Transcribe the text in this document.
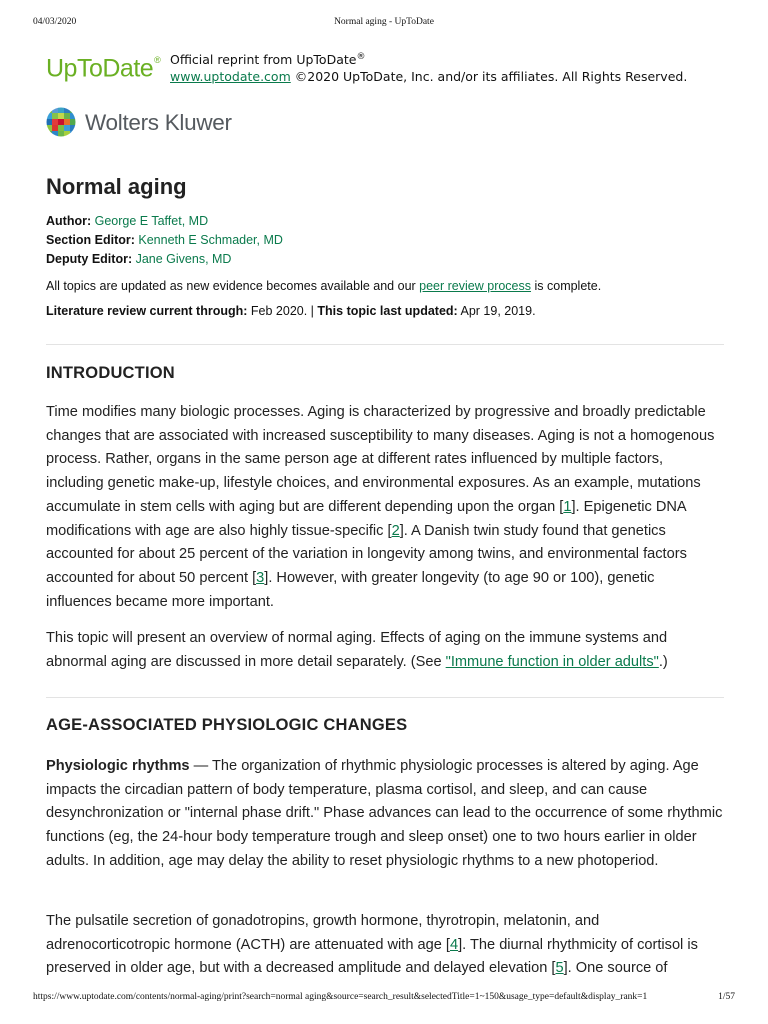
04/03/2020	Normal aging - UpToDate
UpToDate® Official reprint from UpToDate®
www.uptodate.com ©2020 UpToDate, Inc. and/or its affiliates. All Rights Reserved.
Wolters Kluwer
Normal aging
Author: George E Taffet, MD
Section Editor: Kenneth E Schmader, MD
Deputy Editor: Jane Givens, MD
All topics are updated as new evidence becomes available and our peer review process is complete.
Literature review current through: Feb 2020. | This topic last updated: Apr 19, 2019.
INTRODUCTION
Time modifies many biologic processes. Aging is characterized by progressive and broadly predictable changes that are associated with increased susceptibility to many diseases. Aging is not a homogenous process. Rather, organs in the same person age at different rates influenced by multiple factors, including genetic make-up, lifestyle choices, and environmental exposures. As an example, mutations accumulate in stem cells with aging but are different depending upon the organ [1]. Epigenetic DNA modifications with age are also highly tissue-specific [2]. A Danish twin study found that genetics accounted for about 25 percent of the variation in longevity among twins, and environmental factors accounted for about 50 percent [3]. However, with greater longevity (to age 90 or 100), genetic influences became more important.
This topic will present an overview of normal aging. Effects of aging on the immune systems and abnormal aging are discussed in more detail separately. (See "Immune function in older adults".)
AGE-ASSOCIATED PHYSIOLOGIC CHANGES
Physiologic rhythms — The organization of rhythmic physiologic processes is altered by aging. Age impacts the circadian pattern of body temperature, plasma cortisol, and sleep, and can cause desynchronization or "internal phase drift." Phase advances can lead to the occurrence of some rhythmic functions (eg, the 24-hour body temperature trough and sleep onset) one to two hours earlier in older adults. In addition, age may delay the ability to reset physiologic rhythms to a new photoperiod.
The pulsatile secretion of gonadotropins, growth hormone, thyrotropin, melatonin, and adrenocorticotropic hormone (ACTH) are attenuated with age [4]. The diurnal rhythmicity of cortisol is preserved in older age, but with a decreased amplitude and delayed elevation [5]. One source of
https://www.uptodate.com/contents/normal-aging/print?search=normal aging&source=search_result&selectedTitle=1~150&usage_type=default&display_rank=1	1/57
